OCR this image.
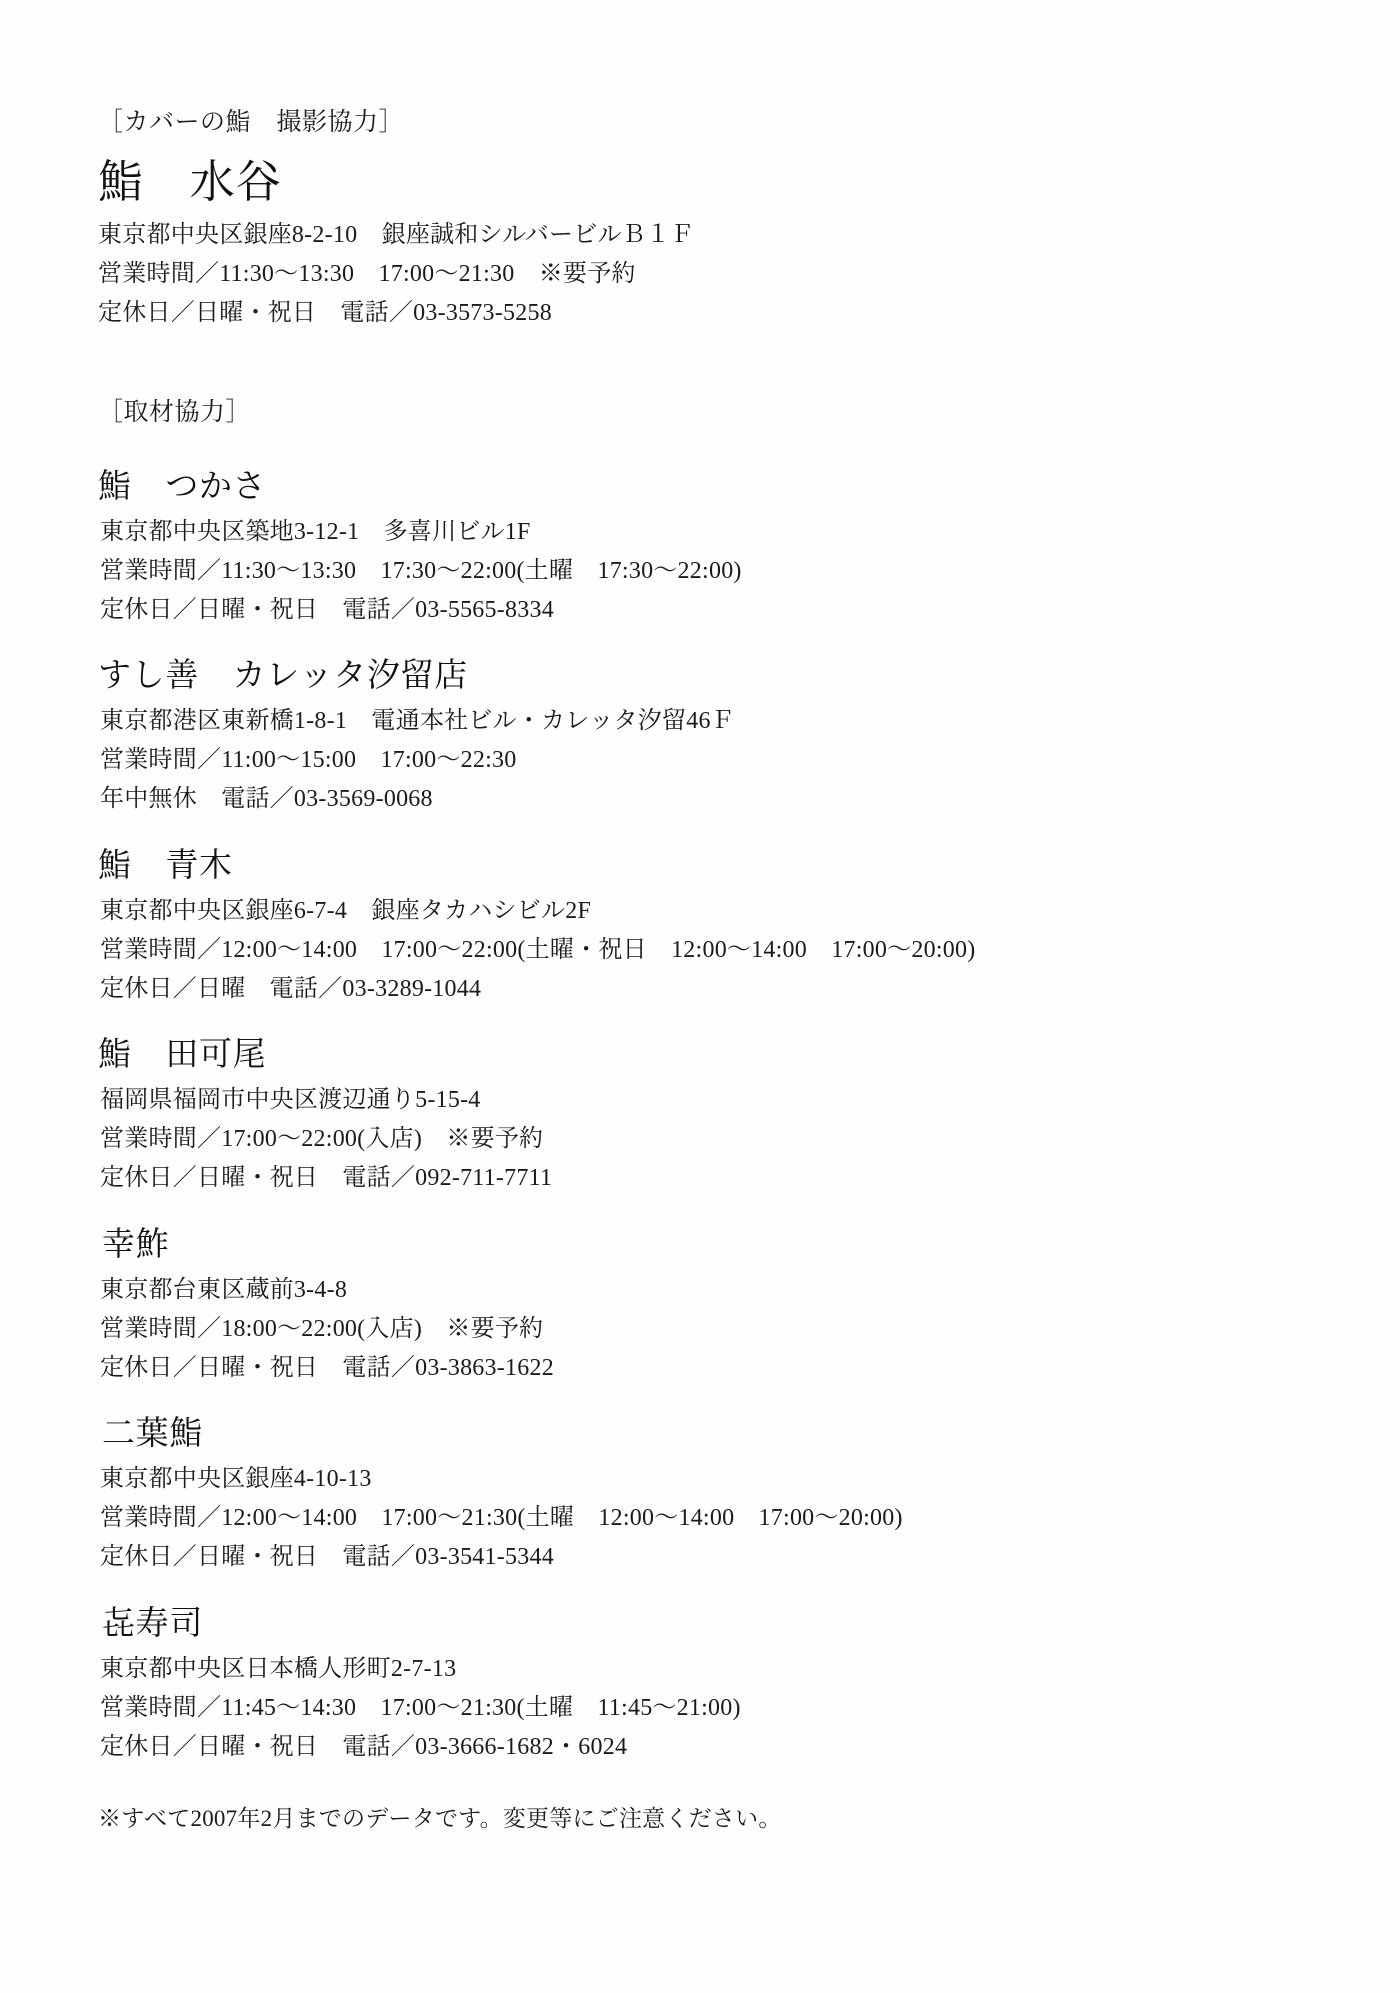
［カバーの鮨　撮影協力］

鮨　水谷

東京都中央区銀座8-2-10　銀座誠和シルバービルＢ１Ｆ

営業時間／11:30〜13:30　17:00〜21:30　※要予約

定休日／日曜・祝日　電話／03-3573-5258

［取材協力］

鮨　つかさ

東京都中央区築地3-12-1　多喜川ビル1F

営業時間／11:30〜13:30　17:30〜22:00(土曜　17:30〜22:00)

定休日／日曜・祝日　電話／03-5565-8334

すし善　カレッタ汐留店

東京都港区東新橋1-8-1　電通本社ビル・カレッタ汐留46Ｆ

営業時間／11:00〜15:00　17:00〜22:30

年中無休　電話／03-3569-0068

鮨　青木

東京都中央区銀座6-7-4　銀座タカハシビル2F

営業時間／12:00〜14:00　17:00〜22:00(土曜・祝日　12:00〜14:00　17:00〜20:00)

定休日／日曜　電話／03-3289-1044

鮨　田可尾

福岡県福岡市中央区渡辺通り5-15-4

営業時間／17:00〜22:00(入店)　※要予約

定休日／日曜・祝日　電話／092-711-7711

幸鮓

東京都台東区蔵前3-4-8

営業時間／18:00〜22:00(入店)　※要予約

定休日／日曜・祝日　電話／03-3863-1622

二葉鮨

東京都中央区銀座4-10-13

営業時間／12:00〜14:00　17:00〜21:30(土曜　12:00〜14:00　17:00〜20:00)

定休日／日曜・祝日　電話／03-3541-5344

㐂寿司

東京都中央区日本橋人形町2-7-13

営業時間／11:45〜14:30　17:00〜21:30(土曜　11:45〜21:00)

定休日／日曜・祝日　電話／03-3666-1682・6024

※すべて2007年2月までのデータです。変更等にご注意ください。
